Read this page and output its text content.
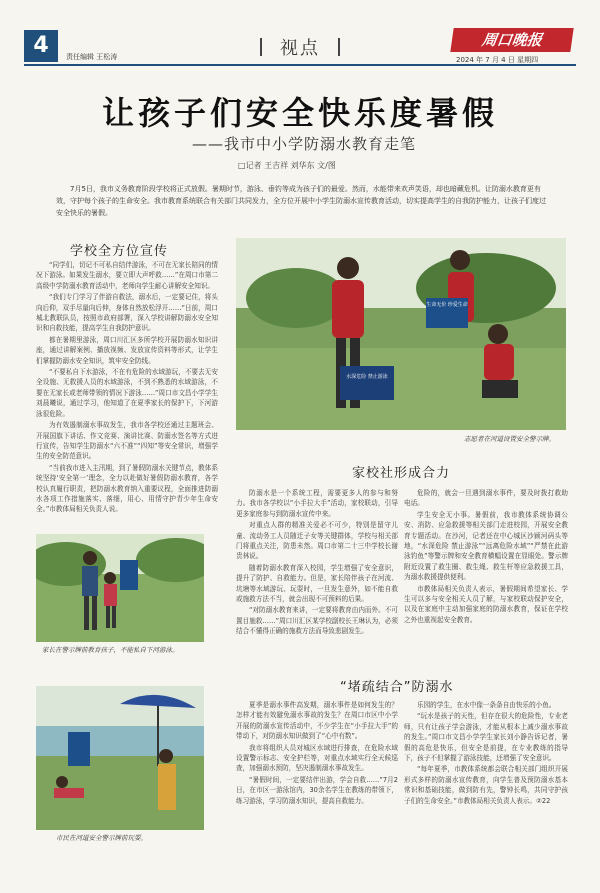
4	责任编辑 王松涛	视点	周口晚报
2024 年 7 月 4 日 星期四
让孩子们安全快乐度暑假
——我市中小学防溺水教育走笔
□记者 王吉祥 刘华东 文/图
7月5日，我市义务教育阶段学校将正式放假。暑期时节，游泳、垂钓等成为孩子们的最爱。然而，水能带来欢声笑语，却也暗藏危机。让防溺水教育更有效，守护每个孩子的生命安全。我市教育系统联合有关部门共同发力，全方位开展中小学生防溺水宣传教育活动，切实提高学生的自我防护能力，让孩子们度过安全快乐的暑假。
学校全方位宣传

“同学们，切记不可私自结伴游泳，不可在无家长陪同的情况下游泳。如果发生溺水，要立即大声呼救……”在周口市第二高级中学防溺水教育活动中，老师向学生耐心讲解安全知识。

“我们专门学习了伴游自救法，溺水后，一定要记住，将头向后仰，双手尽量向后伸，身体自然放松浮开……”日前，周口城北教联队员，按照市政府部署，深入学校讲解防溺水安全知识和自救技能，提高学生自我防护意识。

都在暑期里游泳，周口川汇区多所学校开展防溺水知识讲座，通过讲解案例、播放视频、发放宣传资料等形式，让学生们掌握防溺水安全知识，筑牢安全防线。

“不要私自下水游泳，不在有危险的水域游玩，不要去无安全设施、无救援人员的水域游泳，不到不熟悉的水域游泳，不要在无家长或老师带领的情况下游泳……”周口市文昌小学学生刘晨曦说，通过学习，他知道了在夏季家长的保护下，下河游泳很危险。

为有效遏制溺水事故发生，我市各学校还通过主题班会、开展国旗下讲话、作文竞赛、演讲比赛、防溺水签名等方式进行宣传，告知学生防溺水“六不准”“四知”等安全常识，增强学生的安全防范意识。

“当前我市进入主汛期，到了暑假防溺水关键节点，教体系统坚持‘安全第一’理念，全力以赴做好暑假防溺水教育，各学校认真履行职责，把防溺水教育纳入重要议程，全面推进防溺水各项工作措施落实、落细，用心、用情守护青少年生命安全。”市教体局相关负责人说。

生命无价 珍爱生命
水深危险 禁止游泳
志愿者在河道设置安全警示牌。
家校社形成合力

防溺水是一个系统工程，需要更多人的参与和努力。我市各学校以“小手拉大手”活动，家校联动，引导更多家庭参与到防溺水宣传中来。

对重点人群的精准关爱必不可少，特别是留守儿童、流动务工人员随迁子女等关键群体，学校与相关部门将重点关注，防患未然。周口市第二十三中学校长谢贵林说。

随着防溺水教育深入校园，学生增强了安全意识，提升了防护、自救能力。但是，家长陪伴孩子在河流、坑塘等水域游玩、玩耍时，一旦发生意外，如不能自救或施救方法不当，就会出现不可预料的后果。

“对防溺水教育来讲，一定要将教育由内而外。不可置目施救……”周口川汇区某学校副校长王琳认为，必须结合不懂得正确的施救方法而导致悲剧发生。

危险的，就会一旦遇到溺水事件，要及时拨打救助电话。

学生安全无小事。暑假前，我市教体系统协调公安、消防、应急救援等相关部门走进校园，开展安全教育专题活动。在沙河，记者还在中心城区沙颍河码头等地，“水深危险 禁止游泳”“远离危险水域”“严禁在此游泳钓鱼”等警示牌和安全教育横幅设置在显眼处。警示牌附近设置了救生圈、救生绳、救生杆等应急救援工具，为溺水救援提供便利。

市教体局相关负责人表示，暑假期间希望家长、学生可以多与安全相关人员了解，与家校联动保护安全，以及在家庭中主动加强家庭的防溺水教育，保证在学校之外也重视起安全教育。

家长在警示牌前教育孩子，不能私自下河游泳。
市民在河道安全警示牌前玩耍。
“堵疏结合”防溺水

夏季是溺水事件高发期，溺水事件是如何发生的？怎样才能有效避免溺水事故的发生？在周口市区中小学开展的防溺水宣传活动中，不少学生在“小手拉大手”的带动下，对防溺水知识做到了“心中有数”。

我市将组织人员对城区水域进行排查，在危险水域设置警示标志、安全护栏等，对重点水域实行全天候巡查，加强溺水预防，坚决遏制溺水事故发生。

“暑假时间，一定要结伴出游，学会自救……”7月2日，在市区一游泳馆内，30余名学生在教练的带领下，练习游泳，学习防溺水知识，提高自救能力。

乐园的学生，在水中像一条条自由快乐的小鱼。

“玩水是孩子的天性，但存在很大的危险性，专业老师，只有让孩子学会游泳，才能从根本上减少溺水事故的发生。”周口市文昌小学学生家长刘小静告诉记者，暑假的高危是快乐，但安全是前提，在专业教练的指导下，孩子不但掌握了游泳技能，还增强了安全意识。

“每年夏季，市教体系统都会联合相关部门组织开展形式多样的防溺水宣传教育，向学生普及预防溺水基本常识和基础技能，做到防有先，警钟长鸣，共同守护孩子们的生命安全。”市教体局相关负责人表示。②22
